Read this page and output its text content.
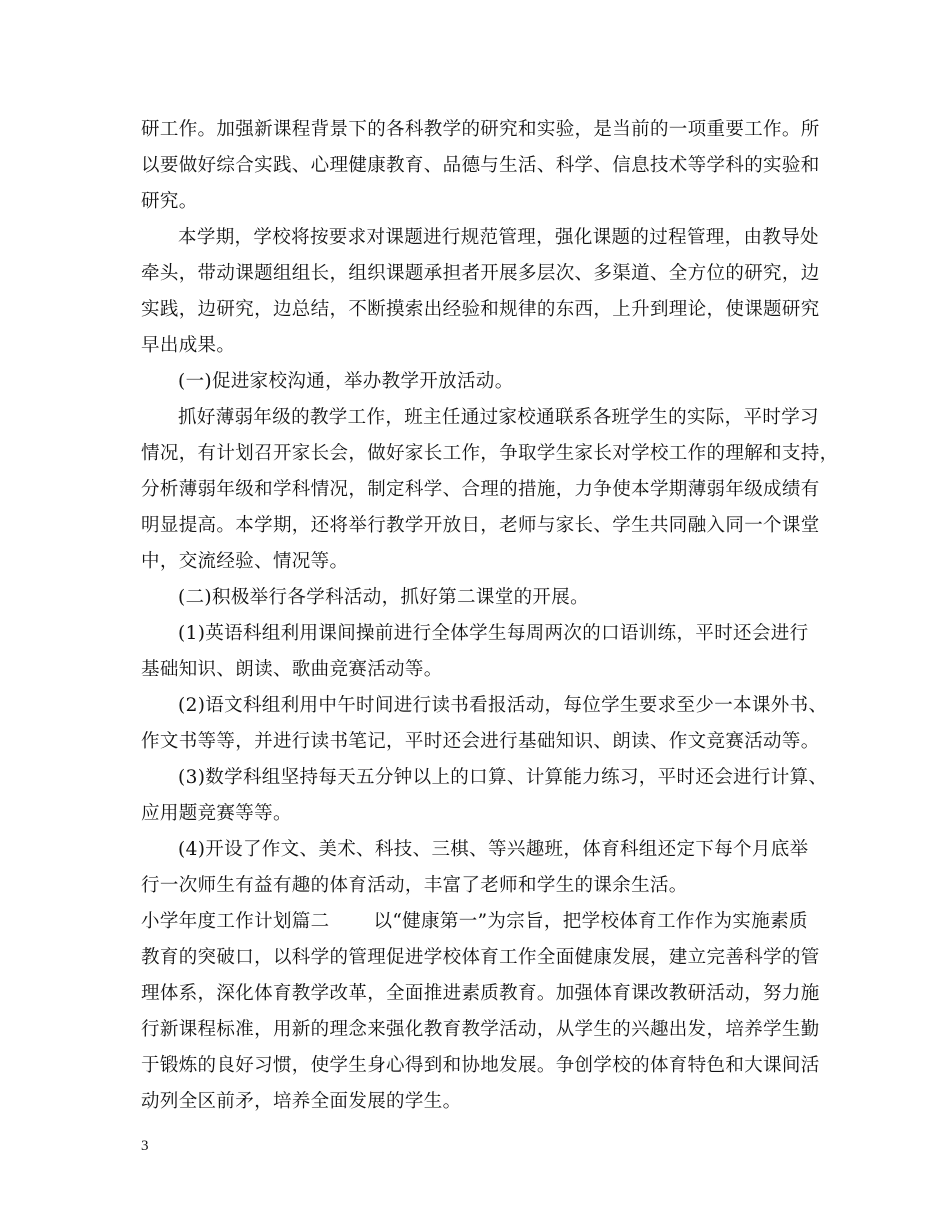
研工作。加强新课程背景下的各科教学的研究和实验，是当前的一项重要工作。所
以要做好综合实践、心理健康教育、品德与生活、科学、信息技术等学科的实验和
研究。
本学期，学校将按要求对课题进行规范管理，强化课题的过程管理，由教导处
牵头，带动课题组组长，组织课题承担者开展多层次、多渠道、全方位的研究，边
实践，边研究，边总结，不断摸索出经验和规律的东西，上升到理论，使课题研究
早出成果。
(一)促进家校沟通，举办教学开放活动。
抓好薄弱年级的教学工作，班主任通过家校通联系各班学生的实际，平时学习
情况，有计划召开家长会，做好家长工作，争取学生家长对学校工作的理解和支持，
分析薄弱年级和学科情况，制定科学、合理的措施，力争使本学期薄弱年级成绩有
明显提高。本学期，还将举行教学开放日，老师与家长、学生共同融入同一个课堂
中，交流经验、情况等。
(二)积极举行各学科活动，抓好第二课堂的开展。
(1)英语科组利用课间操前进行全体学生每周两次的口语训练，平时还会进行
基础知识、朗读、歌曲竞赛活动等。
(2)语文科组利用中午时间进行读书看报活动，每位学生要求至少一本课外书、
作文书等等，并进行读书笔记，平时还会进行基础知识、朗读、作文竞赛活动等。
(3)数学科组坚持每天五分钟以上的口算、计算能力练习，平时还会进行计算、
应用题竞赛等等。
(4)开设了作文、美术、科技、三棋、等兴趣班，体育科组还定下每个月底举
行一次师生有益有趣的体育活动，丰富了老师和学生的课余生活。
小学年度工作计划篇二 以“健康第一”为宗旨，把学校体育工作作为实施素质
教育的突破口，以科学的管理促进学校体育工作全面健康发展，建立完善科学的管
理体系，深化体育教学改革，全面推进素质教育。加强体育课改教研活动，努力施
行新课程标准，用新的理念来强化教育教学活动，从学生的兴趣出发，培养学生勤
于锻炼的良好习惯，使学生身心得到和协地发展。争创学校的体育特色和大课间活
动列全区前矛，培养全面发展的学生。
3
